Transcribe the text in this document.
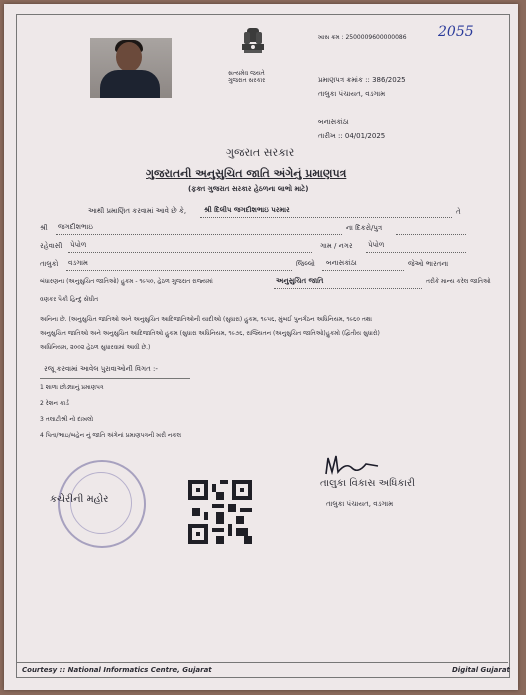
સત્યમેવ જયતે
ગુજરાત સરકાર
ખાસ ક્રમ : 2500009600000086 2055
પ્રમાણપત્ર ક્રમાંક :: 386/2025
તાલુકા પંચાયત, વડગામ
બનાસકાંઠા
તારીખ :: 04/01/2025
ગુજરાત સરકાર
ગુજરાતની અનુસુચિત જાતિ અંગેનું પ્રમાણપત્ર
(ફક્ત ગુજરાત સરકાર હેઠળના લાભો માટે)
આથી પ્રમાણિત કરવામાં આવે છે કે,	શ્રી દિલીપ જગદીશભાઇ પરમાર	તે
શ્રી જગદીશભાઇ	ના દિકરો/પુત્ર
રહેવાસી પેપોળ	ગામ / નગર પેપોળ
તાલુકો વડગામ	જિલ્લો બનાસકાંઠા	જેઓ ભારતના
બંધારણના (અનુસુચિત જાતિઓ) હુકમ - ૧૯૫૦, હેઠળ ગુજરાત રાજ્યમાં	અનુસુચિત જાતિ	તરીકે માન્ય કરેલ જાતિઓ
વણકર પૈકી હિન્દુ સેંઘીત
અનિના છે. (અનુસુચિત જાતિઓ અને અનુસુચિત આદિજાતિઓની યાદીઓ (સુધારા) હુકમ, ૧૯૫૬, મુંબઈ પુનર્ગઠન અધિનિયમ, ૧૯૬૦ તથા
અનુસુચિત જાતિઓ અને અનુસુચિત આદિજાતિઓ હુકમ (સુધારા અધિનિયમ, ૧૯૭૬, રાજ્યિતન (અનુસુચિત જાતિઓ)હુકમો (દ્વિતીય સુધારો)
અધિનિયમ, ૨૦૦૨ હેઠળ સુધારવામાં આવી છે.)
રજૂ કરવામાં આવેલ પુરાવાઓની વિગત :-
1 શાળા છોડ્યાનું પ્રમાણપત્ર
2 રેશન કાર્ડ
3 તલાટીશ્રી નો દાખલો
4 પિતા/ભાઇ/બહેન નું જાતિ અંગેનાં પ્રમાણપત્રની ખરી નકલ
કચેરીની મહોર
તાલુકા વિકાસ અધિકારી
તાલુકા પંચાયત, વડગામ
Courtesy :: National Informatics Centre, Gujarat	Digital Gujarat
